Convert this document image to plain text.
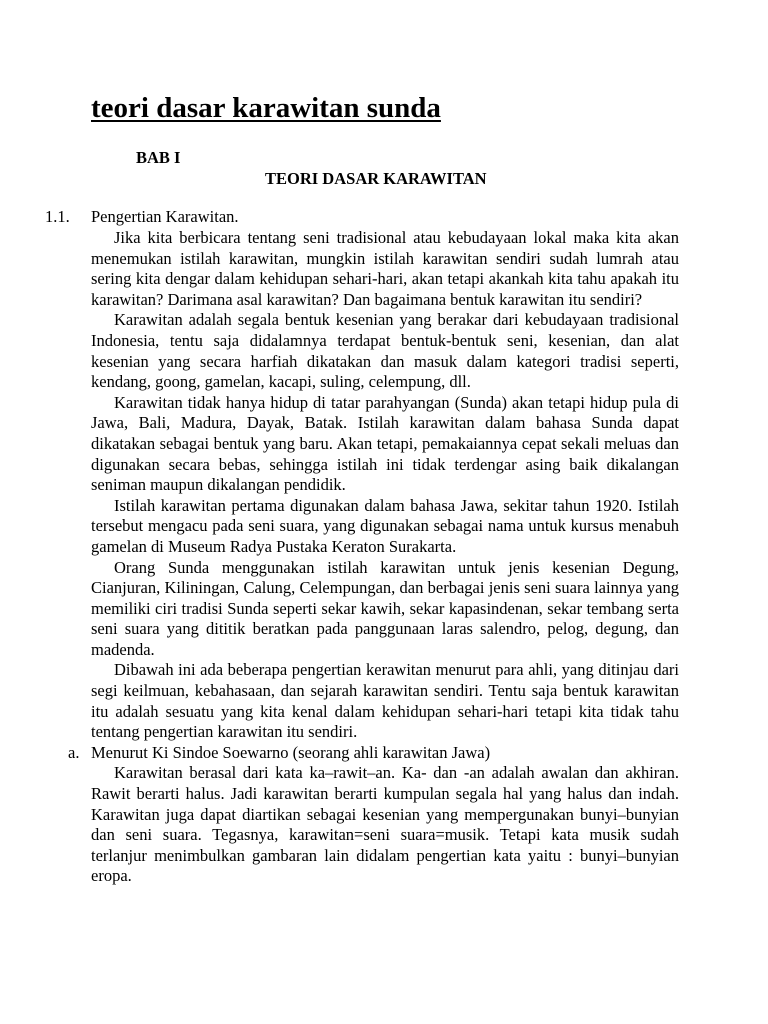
teori dasar karawitan sunda
BAB I
TEORI DASAR KARAWITAN
1.1. Pengertian Karawitan.

Jika kita berbicara tentang seni tradisional atau kebudayaan lokal maka kita akan menemukan istilah karawitan, mungkin istilah karawitan sendiri sudah lumrah atau sering kita dengar dalam kehidupan sehari-hari, akan tetapi akankah kita tahu apakah itu karawitan? Darimana asal karawitan? Dan bagaimana bentuk karawitan itu sendiri?

Karawitan adalah segala bentuk kesenian yang berakar dari kebudayaan tradisional Indonesia, tentu saja didalamnya terdapat bentuk-bentuk seni, kesenian, dan alat kesenian yang secara harfiah dikatakan dan masuk dalam kategori tradisi seperti, kendang, goong, gamelan, kacapi, suling, celempung, dll.

Karawitan tidak hanya hidup di tatar parahyangan (Sunda) akan tetapi hidup pula di Jawa, Bali, Madura, Dayak, Batak. Istilah karawitan dalam bahasa Sunda dapat dikatakan sebagai bentuk yang baru. Akan tetapi, pemakaiannya cepat sekali meluas dan digunakan secara bebas, sehingga istilah ini tidak terdengar asing baik dikalangan seniman maupun dikalangan pendidik.

Istilah karawitan pertama digunakan dalam bahasa Jawa, sekitar tahun 1920. Istilah tersebut mengacu pada seni suara, yang digunakan sebagai nama untuk kursus menabuh gamelan di Museum Radya Pustaka Keraton Surakarta.

Orang Sunda menggunakan istilah karawitan untuk jenis kesenian Degung, Cianjuran, Kiliningan, Calung, Celempungan, dan berbagai jenis seni suara lainnya yang memiliki ciri tradisi Sunda seperti sekar kawih, sekar kapasindenan, sekar tembang serta seni suara yang dititik beratkan pada panggunaan laras salendro, pelog, degung, dan madenda.

Dibawah ini ada beberapa pengertian kerawitan menurut para ahli, yang ditinjau dari segi keilmuan, kebahasaan, dan sejarah karawitan sendiri. Tentu saja bentuk karawitan itu adalah sesuatu yang kita kenal dalam kehidupan sehari-hari tetapi kita tidak tahu tentang pengertian karawitan itu sendiri.

a. Menurut Ki Sindoe Soewarno (seorang ahli karawitan Jawa)

Karawitan berasal dari kata ka–rawit–an. Ka- dan -an adalah awalan dan akhiran. Rawit berarti halus. Jadi karawitan berarti kumpulan segala hal yang halus dan indah. Karawitan juga dapat diartikan sebagai kesenian yang mempergunakan bunyi–bunyian dan seni suara. Tegasnya, karawitan=seni suara=musik. Tetapi kata musik sudah terlanjur menimbulkan gambaran lain didalam pengertian kata yaitu : bunyi–bunyian eropa.
